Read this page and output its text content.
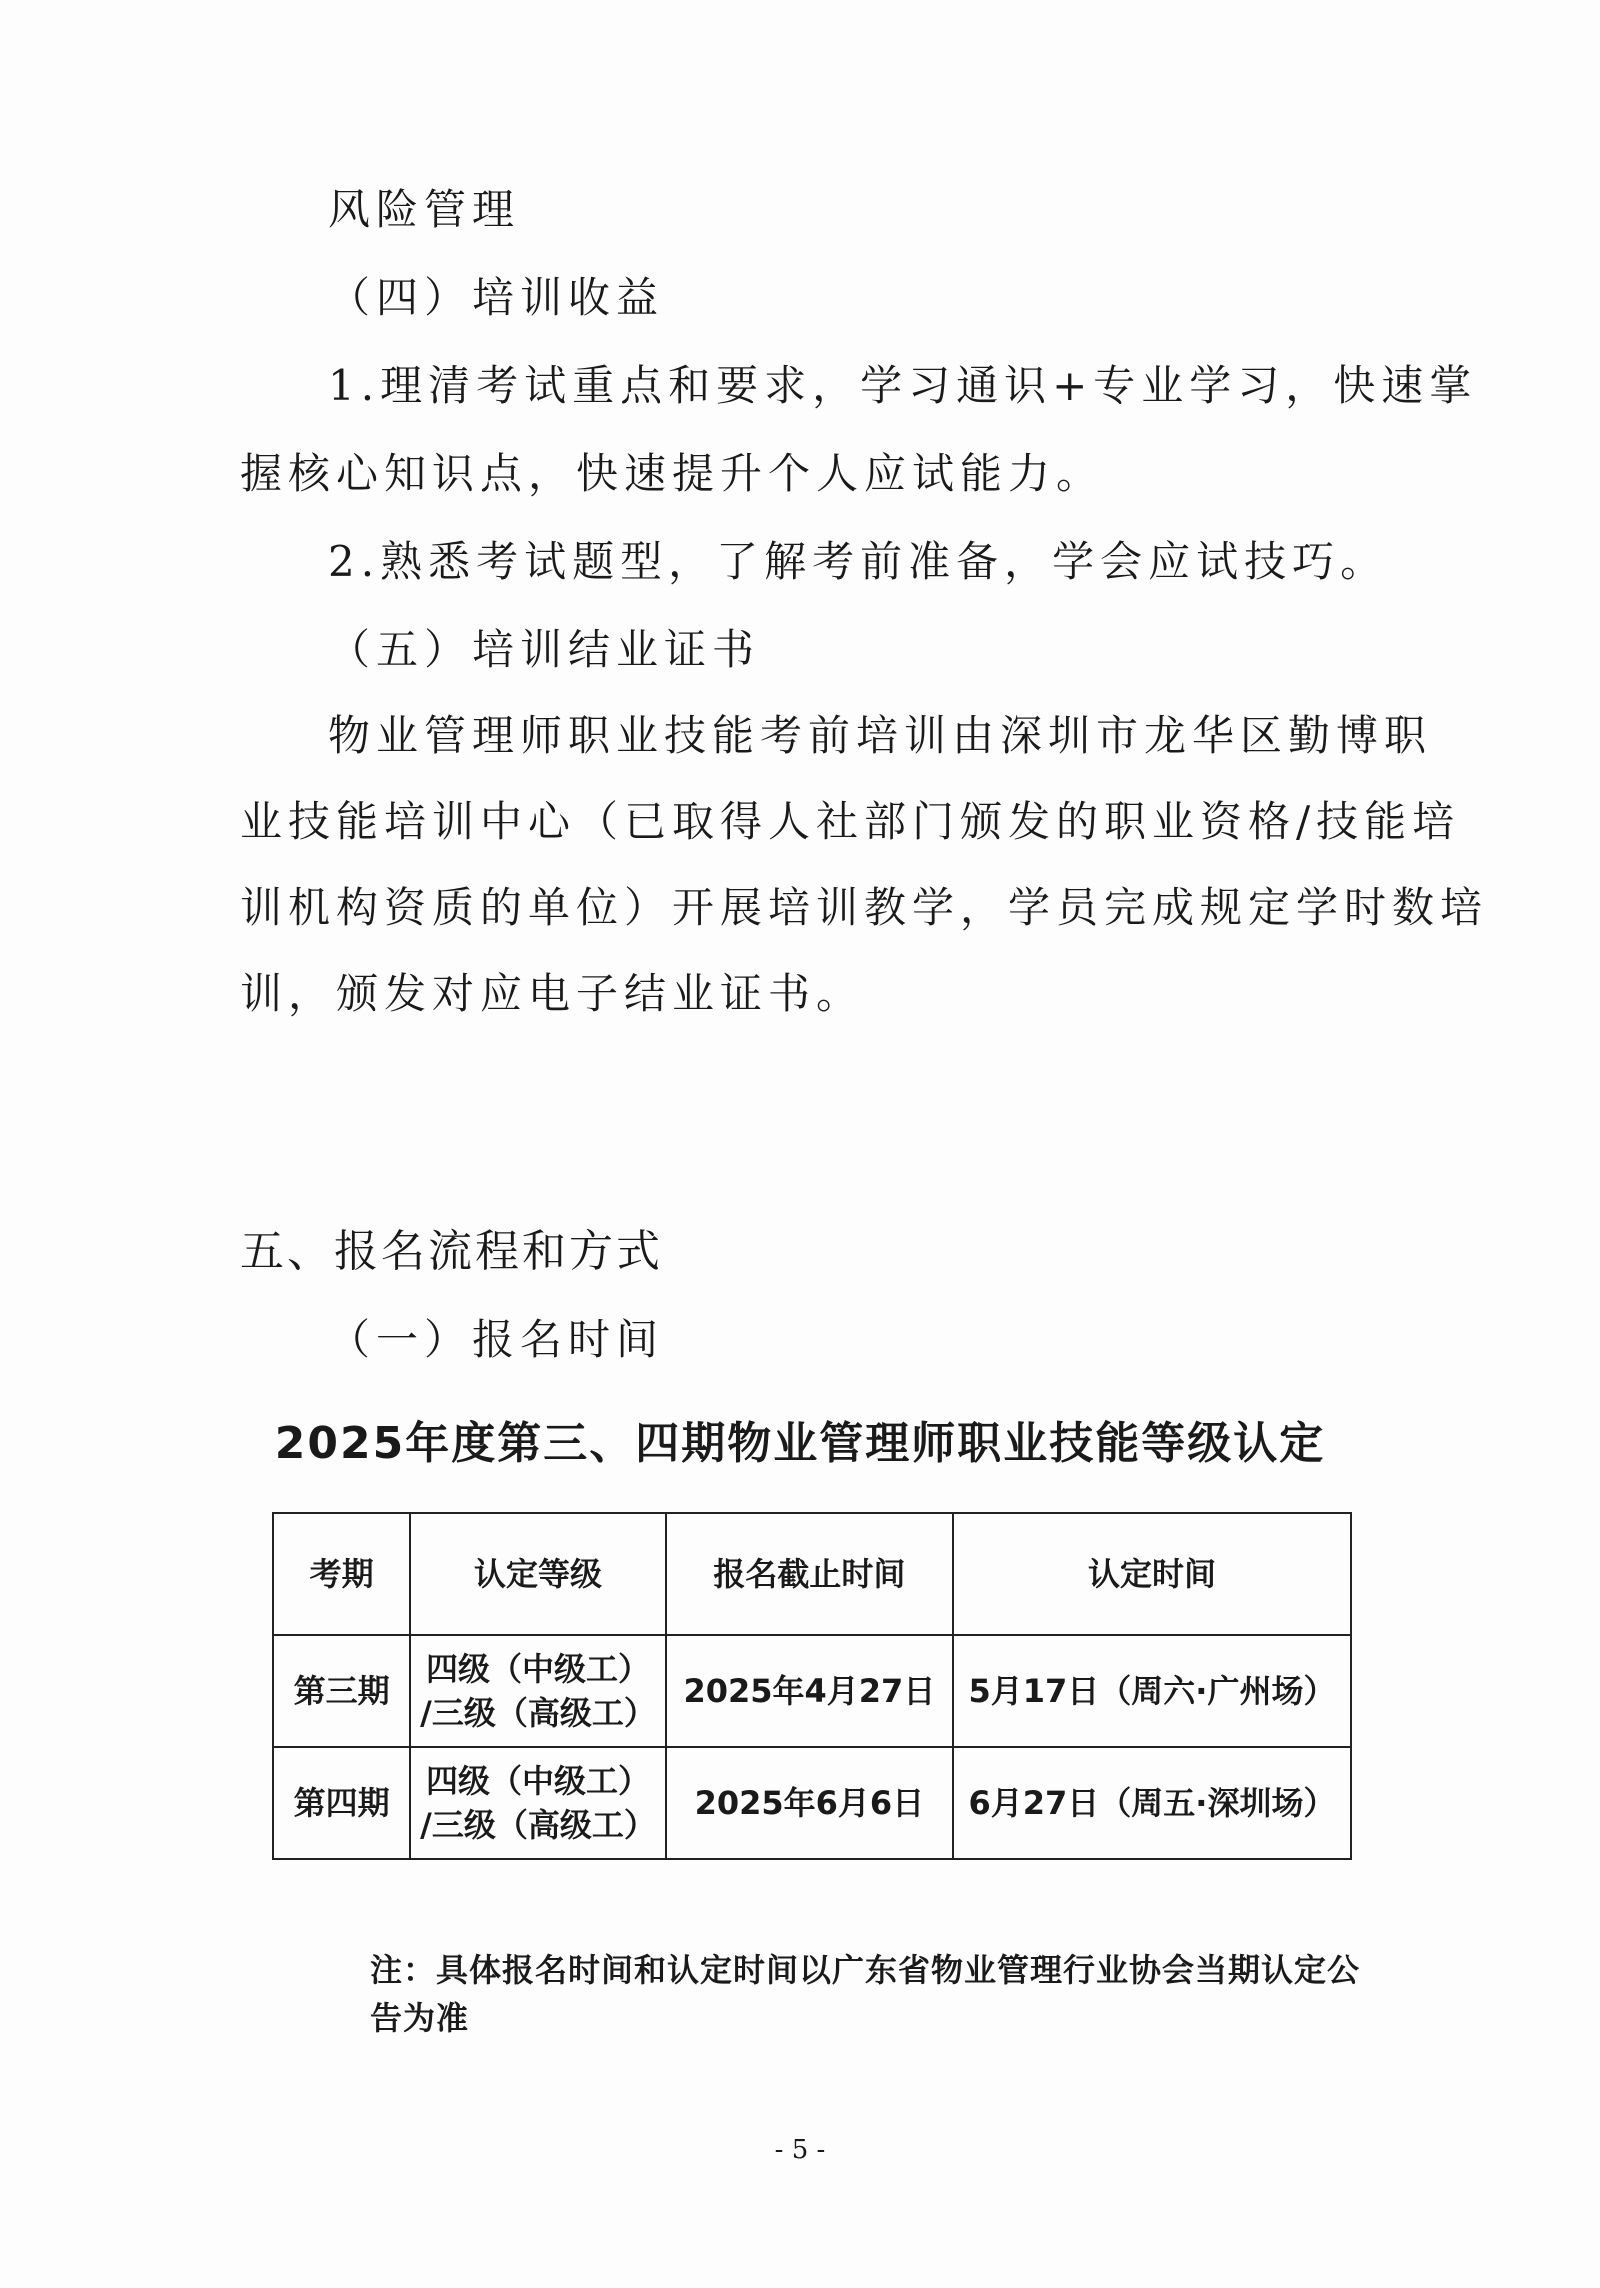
风险管理
（四）培训收益
1.理清考试重点和要求，学习通识+专业学习，快速掌
握核心知识点，快速提升个人应试能力。
2.熟悉考试题型，了解考前准备，学会应试技巧。
（五）培训结业证书
物业管理师职业技能考前培训由深圳市龙华区勤博职
业技能培训中心（已取得人社部门颁发的职业资格/技能培
训机构资质的单位）开展培训教学，学员完成规定学时数培
训，颁发对应电子结业证书。
五、报名流程和方式
（一）报名时间
2025年度第三、四期物业管理师职业技能等级认定
考期	认定等级	报名截止时间	认定时间
第三期	四级（中级工）
/三级（高级工）	2025年4月27日	5月17日（周六·广州场）
第四期	四级（中级工）
/三级（高级工）	2025年6月6日	6月27日（周五·深圳场）
注：具体报名时间和认定时间以广东省物业管理行业协会当期认定公告为准
- 5 -
